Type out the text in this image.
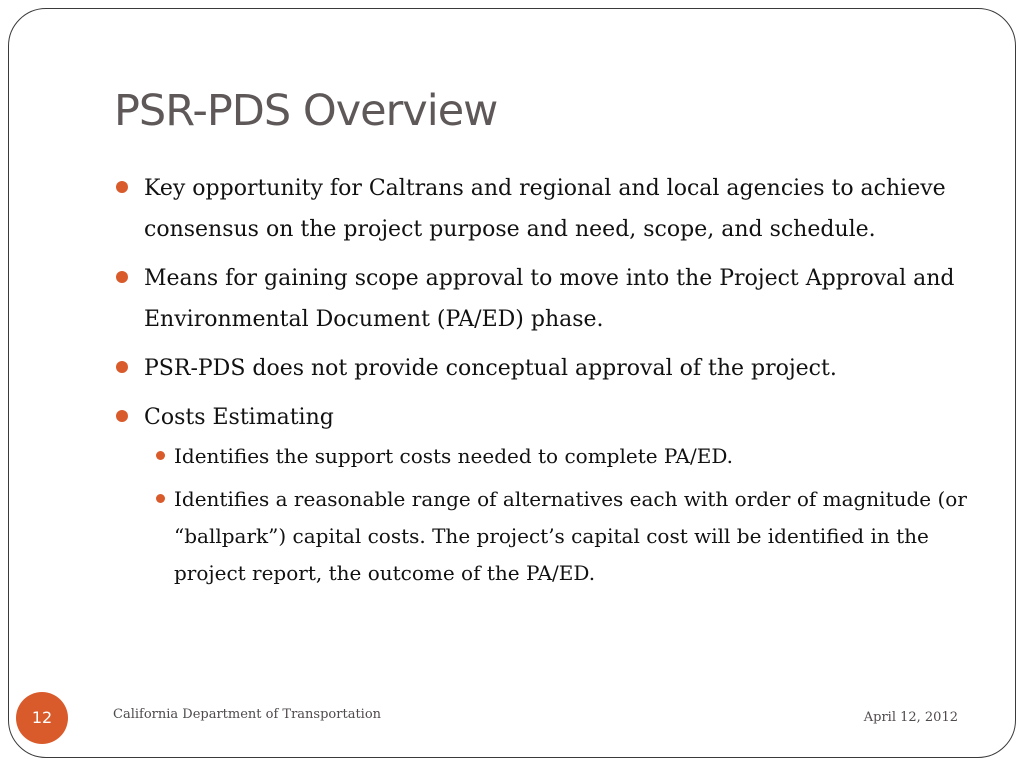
PSR-PDS Overview
Key opportunity for Caltrans and regional and local agencies to achieve consensus on the project purpose and need, scope, and schedule.
Means for gaining scope approval to move into the Project Approval and Environmental Document (PA/ED) phase.
PSR-PDS does not provide conceptual approval of the project.
Costs Estimating
Identifies the support costs needed to complete PA/ED.
Identifies a reasonable range of alternatives each with order of magnitude (or “ballpark”) capital costs. The project’s capital cost will be identified in the project report, the outcome of the PA/ED.
12	California Department of Transportation	April 12, 2012
